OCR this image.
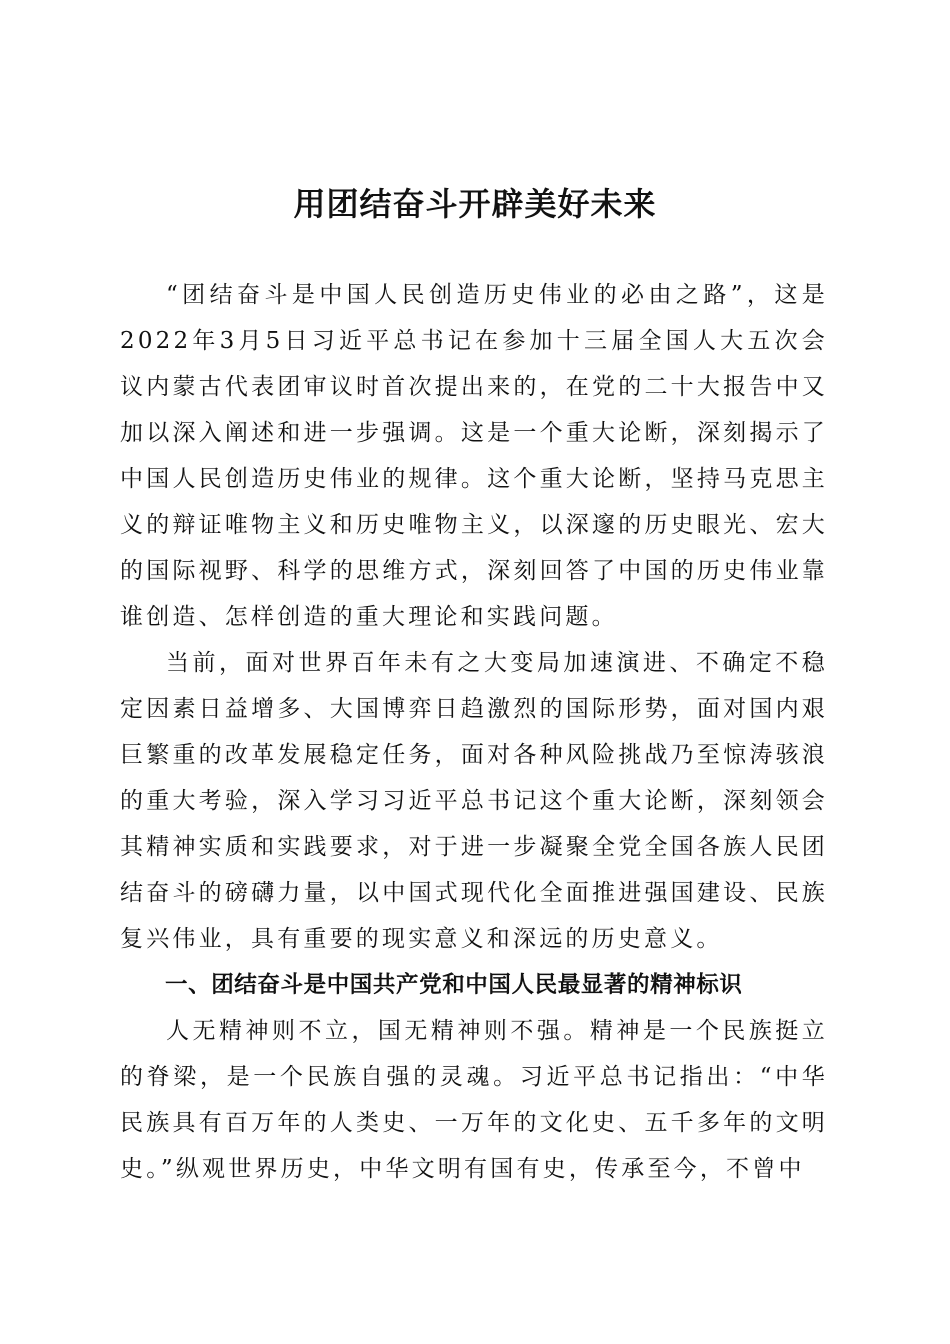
用团结奋斗开辟美好未来

“团结奋斗是中国人民创造历史伟业的必由之路”，这是2022年3月5日习近平总书记在参加十三届全国人大五次会议内蒙古代表团审议时首次提出来的，在党的二十大报告中又加以深入阐述和进一步强调。这是一个重大论断，深刻揭示了中国人民创造历史伟业的规律。这个重大论断，坚持马克思主义的辩证唯物主义和历史唯物主义，以深邃的历史眼光、宏大的国际视野、科学的思维方式，深刻回答了中国的历史伟业靠谁创造、怎样创造的重大理论和实践问题。

当前，面对世界百年未有之大变局加速演进、不确定不稳定因素日益增多、大国博弈日趋激烈的国际形势，面对国内艰巨繁重的改革发展稳定任务，面对各种风险挑战乃至惊涛骇浪的重大考验，深入学习习近平总书记这个重大论断，深刻领会其精神实质和实践要求，对于进一步凝聚全党全国各族人民团结奋斗的磅礴力量，以中国式现代化全面推进强国建设、民族复兴伟业，具有重要的现实意义和深远的历史意义。

一、团结奋斗是中国共产党和中国人民最显著的精神标识

人无精神则不立，国无精神则不强。精神是一个民族挺立的脊梁，是一个民族自强的灵魂。习近平总书记指出：“中华民族具有百万年的人类史、一万年的文化史、五千多年的文明史。”纵观世界历史，中华文明有国有史，传承至今，不曾中
